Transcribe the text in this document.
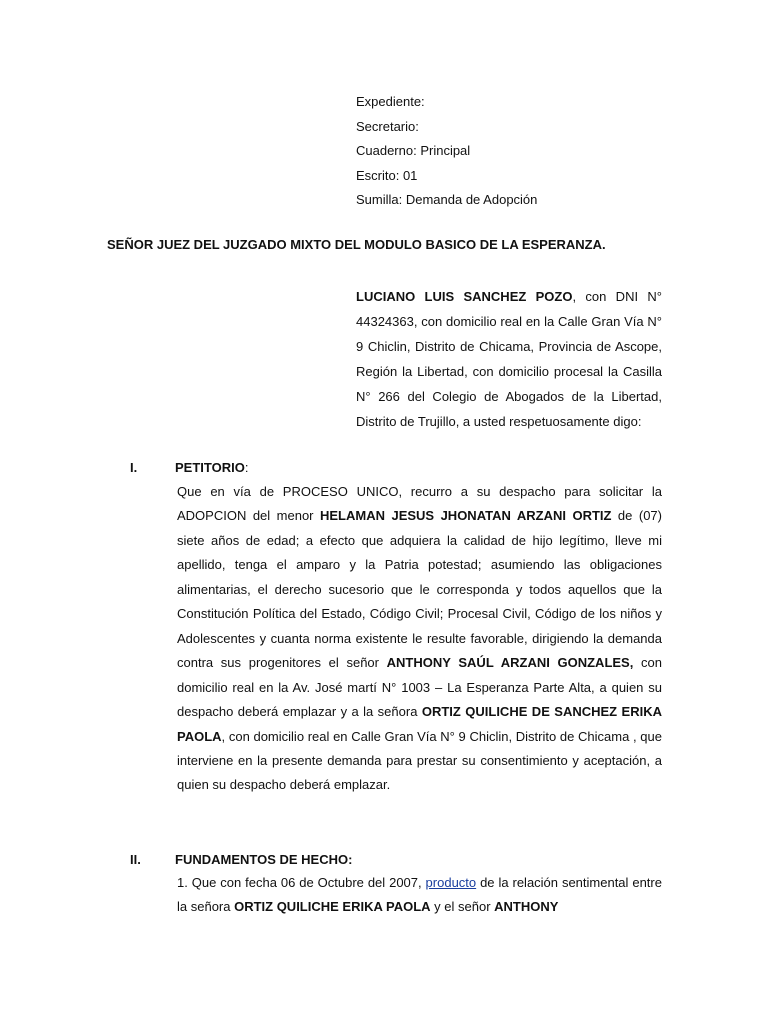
Expediente:
Secretario:
Cuaderno: Principal
Escrito: 01
Sumilla: Demanda de Adopción
SEÑOR JUEZ DEL JUZGADO MIXTO DEL MODULO BASICO DE LA ESPERANZA.
LUCIANO LUIS SANCHEZ POZO, con DNI N° 44324363, con domicilio real en la Calle Gran Vía N° 9 Chiclin, Distrito de Chicama, Provincia de Ascope, Región la Libertad, con domicilio procesal la Casilla N° 266 del Colegio de Abogados de la Libertad, Distrito de Trujillo, a usted respetuosamente digo:
I.	PETITORIO:
Que en vía de PROCESO UNICO, recurro a su despacho para solicitar la ADOPCION del menor HELAMAN JESUS JHONATAN ARZANI ORTIZ de (07) siete años de edad; a efecto que adquiera la calidad de hijo legítimo, lleve mi apellido, tenga el amparo y la Patria potestad; asumiendo las obligaciones alimentarias, el derecho sucesorio que le corresponda y todos aquellos que la Constitución Política del Estado, Código Civil; Procesal Civil, Código de los niños y Adolescentes y cuanta norma existente le resulte favorable, dirigiendo la demanda contra sus progenitores el señor ANTHONY SAÚL ARZANI GONZALES, con domicilio real en la Av. José martí N° 1003 – La Esperanza Parte Alta, a quien su despacho deberá emplazar y a la señora ORTIZ QUILICHE DE SANCHEZ ERIKA PAOLA, con domicilio real en Calle Gran Vía N° 9 Chiclin, Distrito de Chicama , que interviene en la presente demanda para prestar su consentimiento y aceptación, a quien su despacho deberá emplazar.
II.	FUNDAMENTOS DE HECHO:
1. Que con fecha 06 de Octubre del 2007, producto de la relación sentimental entre la señora ORTIZ QUILICHE ERIKA PAOLA y el señor ANTHONY
